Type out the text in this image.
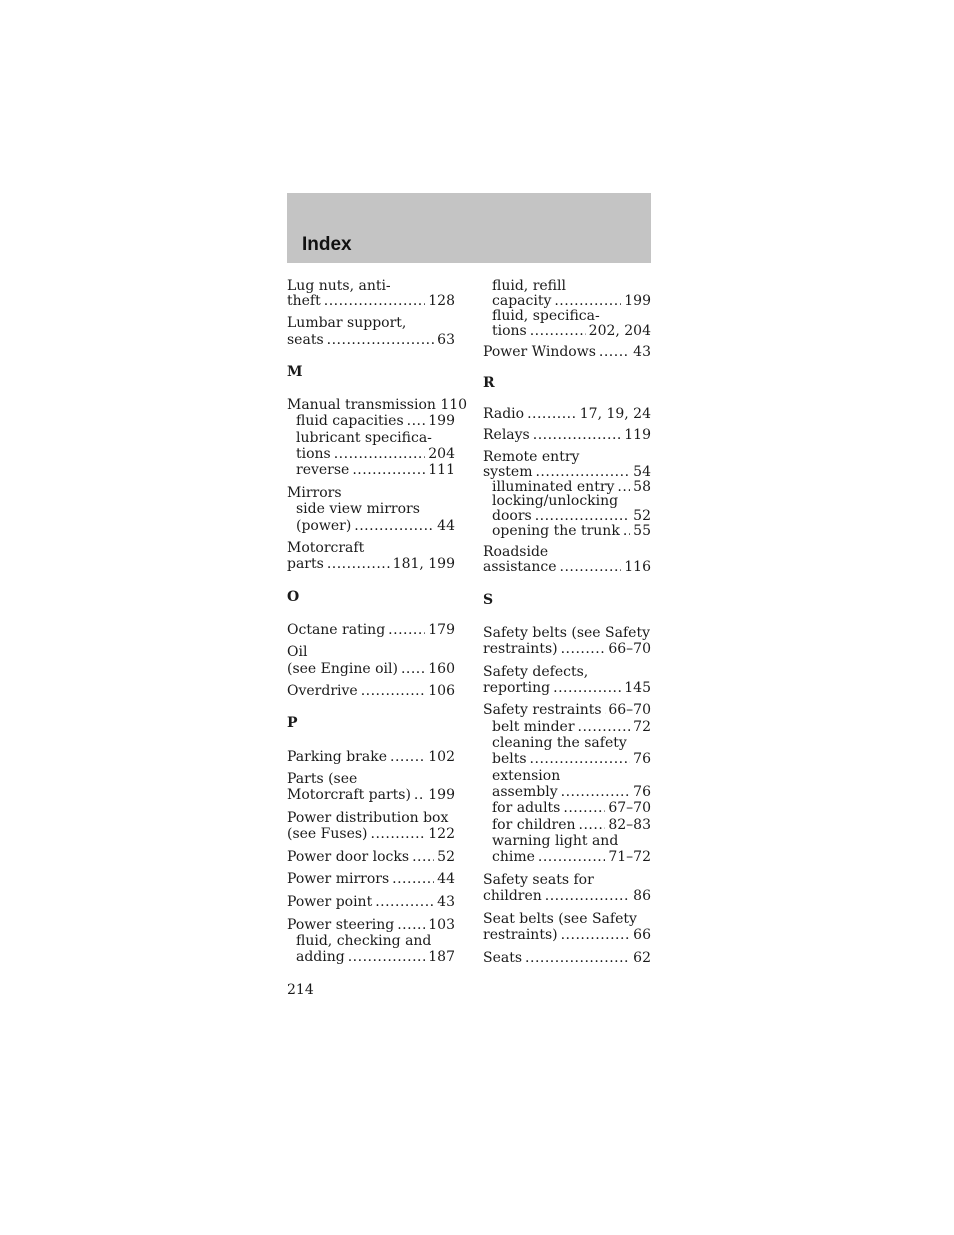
Index
Lug nuts, anti-
theft .....	128
Lumbar support,
seats .....	63
M
Manual transmission 110
fluid capacities ..... 199
lubricant specifica-
tions .....	204
reverse .....	111
Mirrors
side view mirrors
(power) .....	44
Motorcraft
parts .....	181, 199
O
Octane rating .....	179
Oil
(see Engine oil) ..... 160
Overdrive .....	106
P
Parking brake .....	102
Parts (see
Motorcraft parts) ..... 199
Power distribution box
(see Fuses) .....	122
Power door locks ..... 52
Power mirrors .....	44
Power point .....	43
Power steering ..... 103
fluid, checking and
adding .....	187
fluid, refill
capacity .....	199
fluid, specifica-
tions .....	202, 204
Power Windows .....	43
R
Radio .....	17, 19, 24
Relays .....	119
Remote entry
system .....	54
illuminated entry ..... 58
locking/unlocking
doors .....	52
opening the trunk ..... 55
Roadside
assistance .....	116
S
Safety belts (see Safety
restraints) .....	66–70
Safety defects,
reporting .....	145
Safety restraints ..... 66–70
belt minder .....	72
cleaning the safety
belts .....	76
extension
assembly .....	76
for adults .....	67–70
for children ..... 82–83
warning light and
chime .....	71–72
Safety seats for
children .....	86
Seat belts (see Safety
restraints) .....	66
Seats .....	62
214
